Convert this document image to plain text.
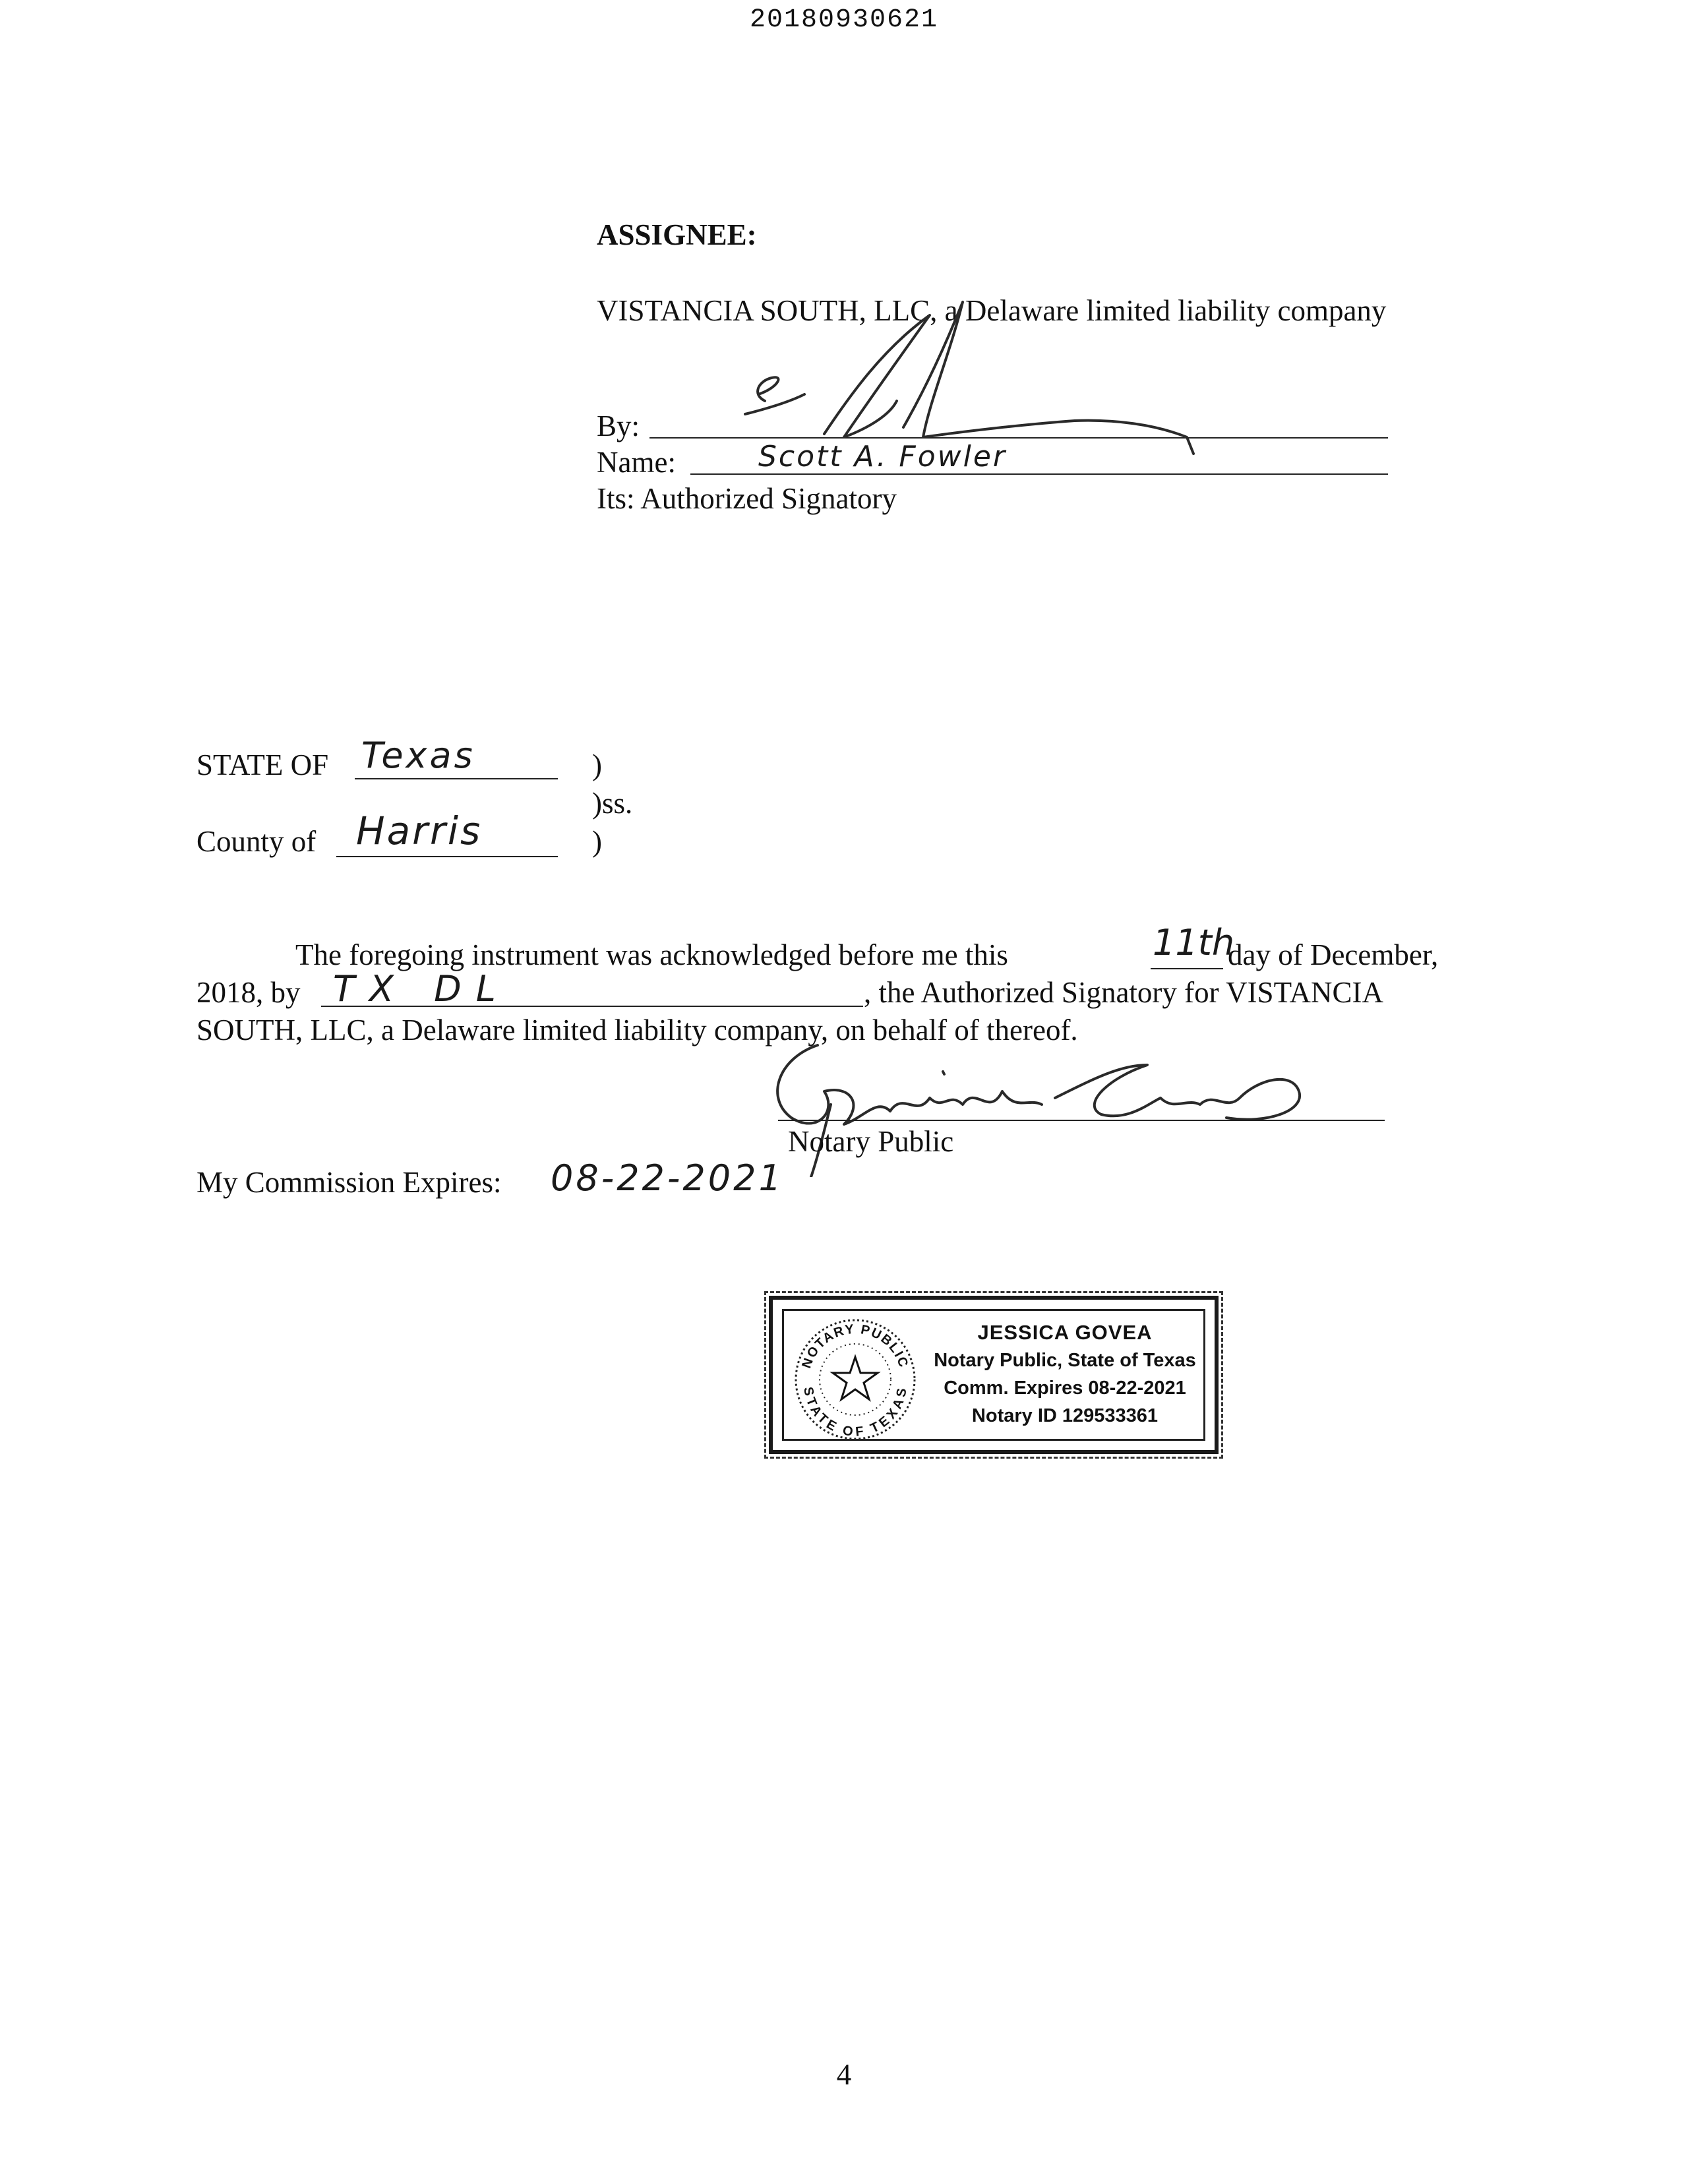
20180930621
ASSIGNEE:
VISTANCIA SOUTH, LLC, a Delaware limited liability company
By:
Name:	Scott A. Fowler
Its: Authorized Signatory
STATE OF Texas	)
)ss.
County of Harris	)
The foregoing instrument was acknowledged before me this	11th
day of December,
2018, by TX DL	, the Authorized Signatory for VISTANCIA
SOUTH, LLC, a Delaware limited liability company, on behalf of thereof.
Notary Public
My Commission Expires: 08-22-2021
NOTARY PUBLIC
STATE OF TEXAS
JESSICA GOVEA
Notary Public, State of Texas
Comm. Expires 08-22-2021
Notary ID 129533361
4
